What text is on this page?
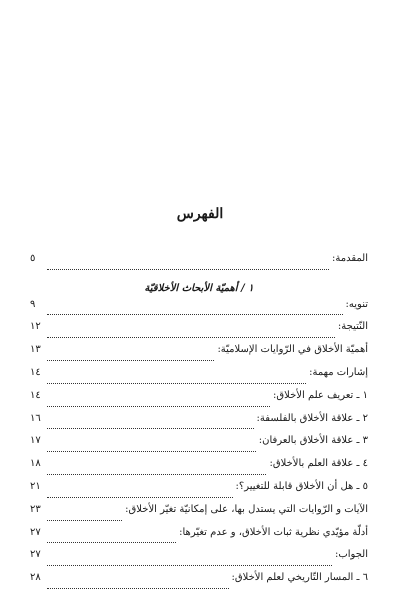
الفهرس
المقدمة:
٥
١ / أهميّة الأبحاث الأخلاقيّة
تنويه:
٩
النّتيجة:
١٢
أهميّة الأخلاق في الرّوايات الإسلاميّة:
١٣
إشارات مهمة:
١٤
١ ـ تعريف علم الأخلاق:
١٤
٢ ـ علاقة الأخلاق بالفلسفة:
١٦
٣ ـ علاقة الأخلاق بالعرفان:
١٧
٤ ـ علاقة العلم بالأخلاق:
١٨
٥ ـ هل أن الأخلاق قابلة للتغيير؟:
٢١
الآيات و الرّوايات التي يستدل بها، على إمكانيّة تغيّر الأخلاق:
٢٣
أدلّة مؤيّدي نظرية ثبات الأخلاق، و عدم تغيّرها:
٢٧
الجواب:
٢٧
٦ ـ المسار التّاريخي لعلم الأخلاق:
٢٨
